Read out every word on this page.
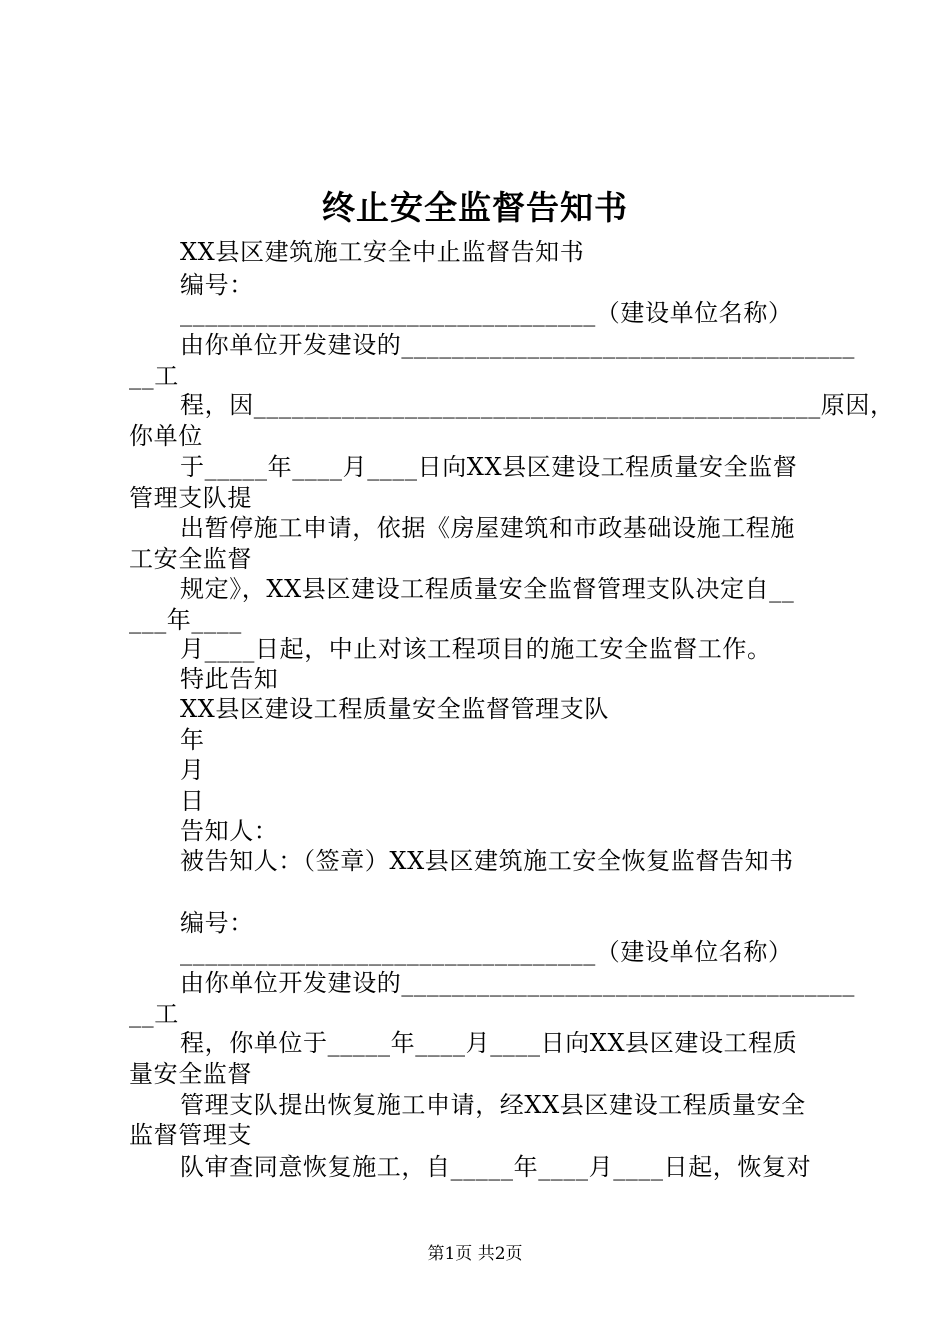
终止安全监督告知书
XX县区建筑施工安全中止监督告知书
编号：
_________________________________（建设单位名称）
由你单位开发建设的____________________________________
__工
程，因_____________________________________________原因，
你单位
于_____年____月____日向XX县区建设工程质量安全监督
管理支队提
出暂停施工申请，依据《房屋建筑和市政基础设施工程施
工安全监督
规定》，XX县区建设工程质量安全监督管理支队决定自__
___年____
月____日起，中止对该工程项目的施工安全监督工作。
特此告知
XX县区建设工程质量安全监督管理支队
年
月
日
告知人：
被告知人：（签章）XX县区建筑施工安全恢复监督告知书
编号：
_________________________________（建设单位名称）
由你单位开发建设的____________________________________
__工
程，你单位于_____年____月____日向XX县区建设工程质
量安全监督
管理支队提出恢复施工申请，经XX县区建设工程质量安全
监督管理支
队审查同意恢复施工，自_____年____月____日起，恢复对
第1页 共2页
